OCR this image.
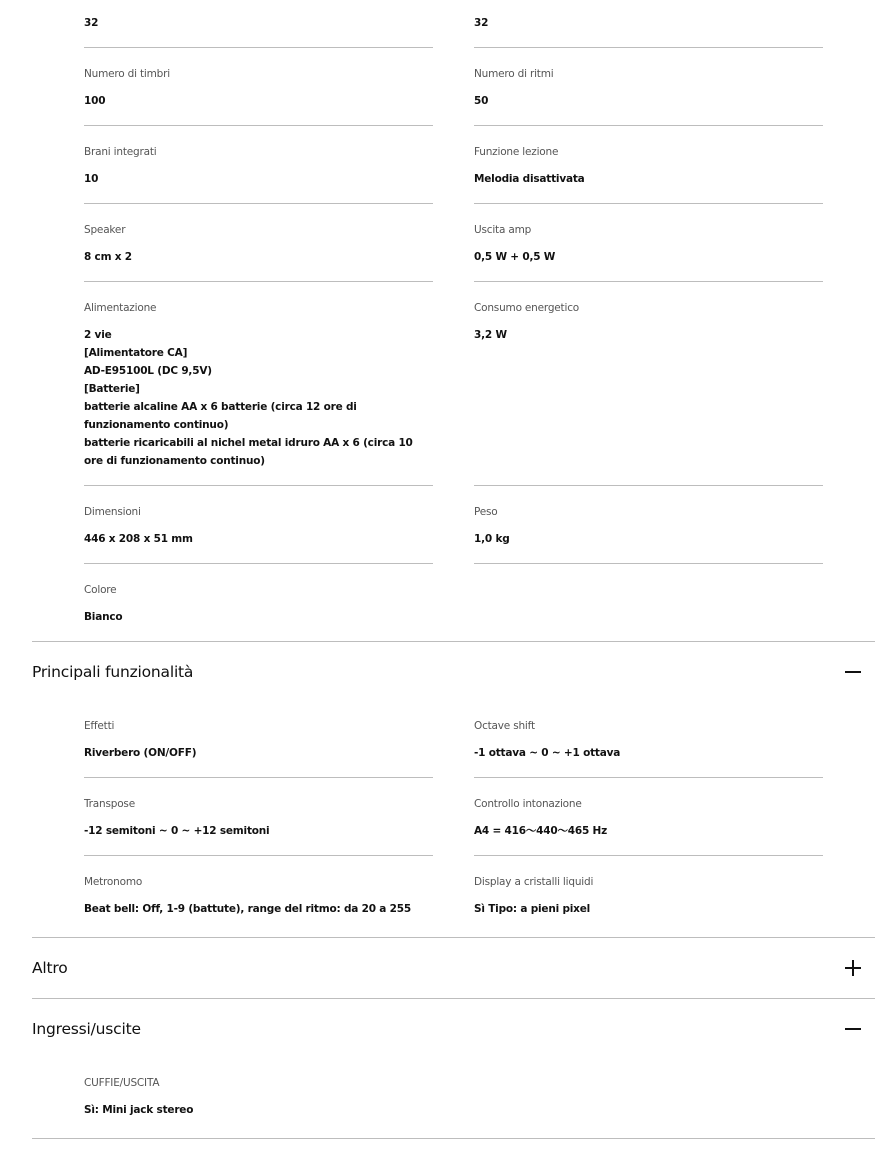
32	32
Numero di timbri
100
Numero di ritmi
50
Brani integrati
10
Funzione lezione
Melodia disattivata
Speaker
8 cm x 2
Uscita amp
0,5 W + 0,5 W
Alimentazione
2 vie
[Alimentatore CA]
AD-E95100L (DC 9,5V)
[Batterie]
batterie alcaline AA x 6 batterie (circa 12 ore di funzionamento continuo)
batterie ricaricabili al nichel metal idruro AA x 6 (circa 10 ore di funzionamento continuo)
Consumo energetico
3,2 W
Dimensioni
446 x 208 x 51 mm
Peso
1,0 kg
Colore
Bianco
Principali funzionalità
Effetti
Riverbero (ON/OFF)
Octave shift
-1 ottava ~ 0 ~ +1 ottava
Transpose
-12 semitoni ~ 0 ~ +12 semitoni
Controllo intonazione
A4 = 416〜440〜465 Hz
Metronomo
Beat bell: Off, 1-9 (battute), range del ritmo: da 20 a 255
Display a cristalli liquidi
Sì Tipo: a pieni pixel
Altro
Ingressi/uscite
CUFFIE/USCITA
Sì: Mini jack stereo
